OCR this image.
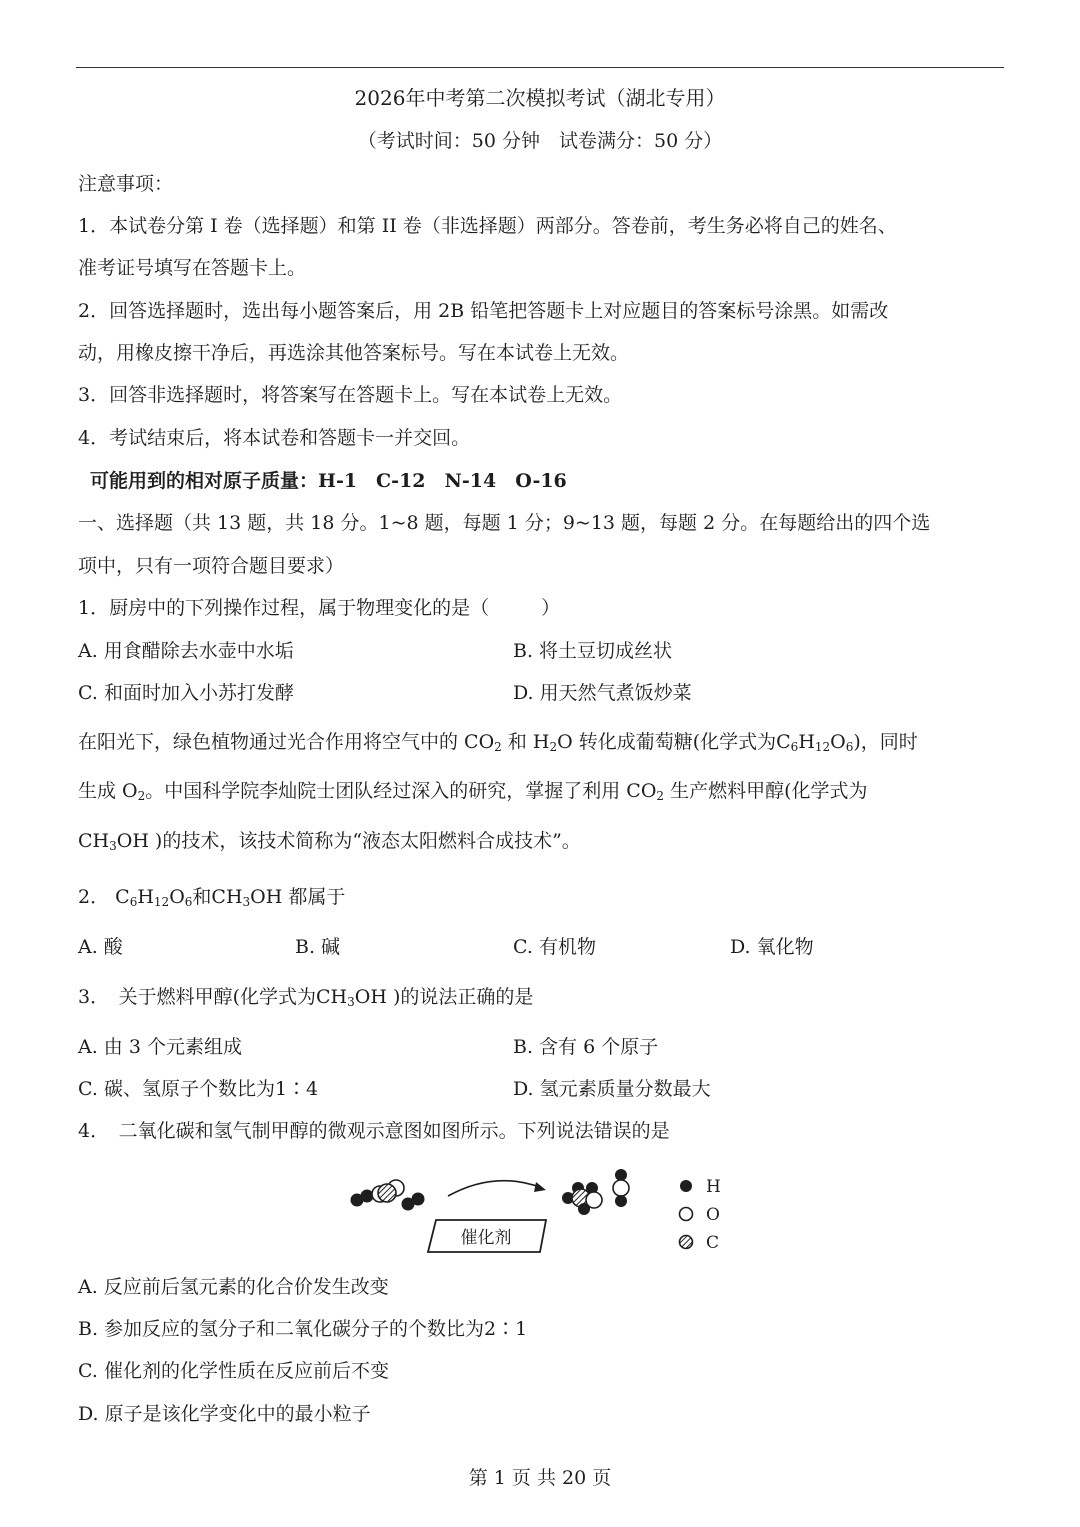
2026年中考第二次模拟考试（湖北专用）
（考试时间：50 分钟　试卷满分：50 分）
注意事项：
1．本试卷分第 I 卷（选择题）和第 II 卷（非选择题）两部分。答卷前，考生务必将自己的姓名、
准考证号填写在答题卡上。
2．回答选择题时，选出每小题答案后，用 2B 铅笔把答题卡上对应题目的答案标号涂黑。如需改
动，用橡皮擦干净后，再选涂其他答案标号。写在本试卷上无效。
3．回答非选择题时，将答案写在答题卡上。写在本试卷上无效。
4．考试结束后，将本试卷和答题卡一并交回。
可能用到的相对原子质量：H-1　C-12　N-14　O-16
一、选择题（共 13 题，共 18 分。1~8 题，每题 1 分；9~13 题，每题 2 分。在每题给出的四个选
项中，只有一项符合题目要求）
1．厨房中的下列操作过程，属于物理变化的是（	）
A. 用食醋除去水壶中水垢	B. 将土豆切成丝状
C. 和面时加入小苏打发酵	D. 用天然气煮饭炒菜
在阳光下，绿色植物通过光合作用将空气中的 $CO_2$ 和 $H_2O$ 转化成葡萄糖(化学式为$C_6H_{12}O_6$)，同时
生成 $O_2$。中国科学院李灿院士团队经过深入的研究，掌握了利用 $CO_2$ 生产燃料甲醇(化学式为
$CH_3OH$ )的技术，该技术简称为“液态太阳燃料合成技术”。
2． $C_6H_{12}O_6$和$CH_3OH$ 都属于
A. 酸	B. 碱	C. 有机物	D. 氧化物
3．　关于燃料甲醇(化学式为$CH_3OH$ )的说法正确的是
A. 由 3 个元素组成	B. 含有 6 个原子
C. 碳、氢原子个数比为1∶4	D. 氢元素质量分数最大
4．　二氧化碳和氢气制甲醇的微观示意图如图所示。下列说法错误的是
催化剂
H
O
C
A. 反应前后氢元素的化合价发生改变
B. 参加反应的氢分子和二氧化碳分子的个数比为2∶1
C. 催化剂的化学性质在反应前后不变
D. 原子是该化学变化中的最小粒子
第 1 页 共 20 页
